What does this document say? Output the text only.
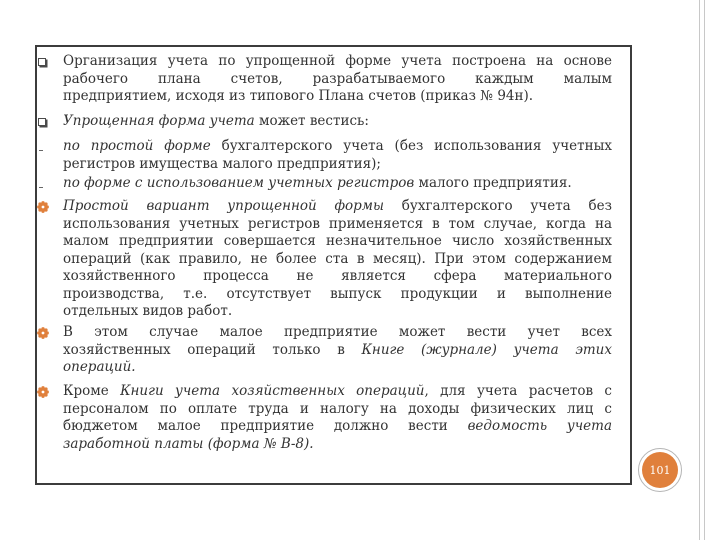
Организация учета по упрощенной форме учета построена на основе
рабочего плана счетов, разрабатываемого каждым малым
предприятием, исходя из типового Плана счетов (приказ № 94н).
Упрощенная форма учета может вестись:
по простой форме бухгалтерского учета (без использования учетных
регистров имущества малого предприятия);
по форме с использованием учетных регистров малого предприятия.
Простой вариант упрощенной формы бухгалтерского учета без
использования учетных регистров применяется в том случае, когда на
малом предприятии совершается незначительное число хозяйственных
операций (как правило, не более ста в месяц). При этом содержанием
хозяйственного процесса не является сфера материального
производства, т.е. отсутствует выпуск продукции и выполнение
отдельных видов работ.
В этом случае малое предприятие может вести учет всех
хозяйственных операций только в Книге (журнале) учета этих
операций.
Кроме Книги учета хозяйственных операций, для учета расчетов с
персоналом по оплате труда и налогу на доходы физических лиц с
бюджетом малое предприятие должно вести ведомость учета
заработной платы (форма № В-8).
101
